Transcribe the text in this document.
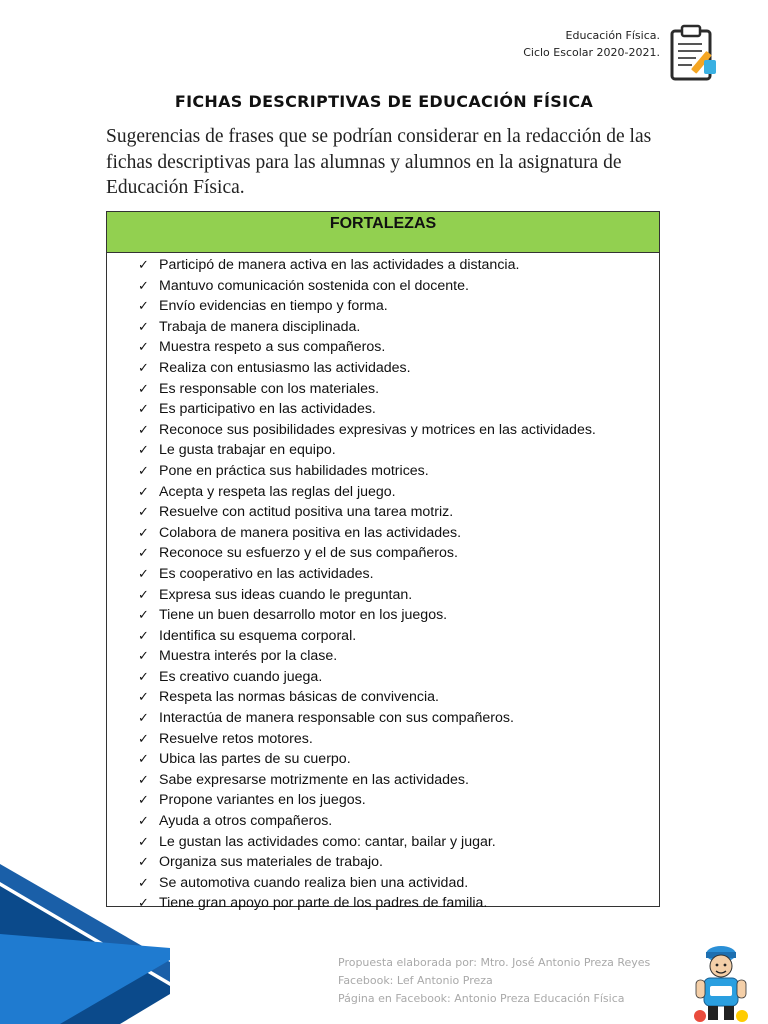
Educación Física.
Ciclo Escolar 2020-2021.
FICHAS DESCRIPTIVAS DE EDUCACIÓN FÍSICA
Sugerencias de frases que se podrían considerar en la redacción de las fichas descriptivas para las alumnas y alumnos en la asignatura de Educación Física.
FORTALEZAS
✓ Participó de manera activa en las actividades a distancia.
✓ Mantuvo comunicación sostenida con el docente.
✓ Envío evidencias en tiempo y forma.
✓ Trabaja de manera disciplinada.
✓ Muestra respeto a sus compañeros.
✓ Realiza con entusiasmo las actividades.
✓ Es responsable con los materiales.
✓ Es participativo en las actividades.
✓ Reconoce sus posibilidades expresivas y motrices en las actividades.
✓ Le gusta trabajar en equipo.
✓ Pone en práctica sus habilidades motrices.
✓ Acepta y respeta las reglas del juego.
✓ Resuelve con actitud positiva una tarea motriz.
✓ Colabora de manera positiva en las actividades.
✓ Reconoce su esfuerzo y el de sus compañeros.
✓ Es cooperativo en las actividades.
✓ Expresa sus ideas cuando le preguntan.
✓ Tiene un buen desarrollo motor en los juegos.
✓ Identifica su esquema corporal.
✓ Muestra interés por la clase.
✓ Es creativo cuando juega.
✓ Respeta las normas básicas de convivencia.
✓ Interactúa de manera responsable con sus compañeros.
✓ Resuelve retos motores.
✓ Ubica las partes de su cuerpo.
✓ Sabe expresarse motrizmente en las actividades.
✓ Propone variantes en los juegos.
✓ Ayuda a otros compañeros.
✓ Le gustan las actividades como: cantar, bailar y jugar.
✓ Organiza sus materiales de trabajo.
✓ Se automotiva cuando realiza bien una actividad.
✓ Tiene gran apoyo por parte de los padres de familia.
Propuesta elaborada por: Mtro. José Antonio Preza Reyes
Facebook: Lef Antonio Preza
Página en Facebook: Antonio Preza Educación Física
